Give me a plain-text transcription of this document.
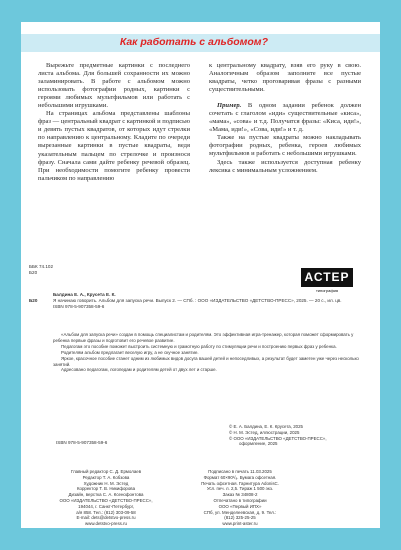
Как работать с альбомом?

Вырежьте предметные картинки с последнего листа альбома. Для большей сохранности их можно заламинировать. В работе с альбомом можно использовать фотографии родных, картинки с героями любимых мультфильмов или работать с небольшими игрушками.

На страницах альбома представлены шаблоны фраз — центральный квадрат с картинкой и подписью и девять пустых квадратов, от которых идут стрелки по направлению к центральному. Кладите по очереди вырезанные картинки в пустые квадраты, ведя указательным пальцем по стрелочке и произнося фразу. Сначала сами дайте ребенку речевой образец. При необходимости помогите ребенку провести пальчиком по направлению

к центральному квадрату, взяв его руку в свою. Аналогичным образом заполните все пустые квадраты, четко проговаривая фразы с разными существительными.

Пример. В одном задании ребенок должен сочетать с глаголом «иди» существительные «киса», «мама», «сова» и т.д. Получатся фразы: «Киса, иди!», «Мама, иди!», «Сова, иди!» и т. д.

Также на пустые квадраты можно накладывать фотографии родных, ребенка, героев любимых мультфильмов и работать с небольшими игрушками.

Здесь также используется доступная ребенку лексика с минимальным усложнением.

ББК 74.102
Б20
Балдина Е. А., Крусета Е. К.
Б20	Я начинаю говорить. Альбом для запуска речи. Выпуск 2. — СПб. : ООО «ИЗДАТЕЛЬСТВО «ДЕТСТВО-ПРЕСС», 2025. — 20 с., ил. цв.
ISBN 978-5-907358-59-6

«Альбом для запуска речи» создан в помощь специалистам и родителям. Это эффективная игра-тренажер, которая поможет сформировать у ребенка первые фразы и подготовит его речевое развитие.

Педагогам это пособие поможет выстроить системную и грамотную работу по стимуляции речи и построению первых фраз у ребенка.

Родителям альбом предлагает веселую игру, а не скучное занятие.

Яркое, красочное пособие станет одним из любимых видов досуга вашей детей и непоседливых, а результат будет заметен уже через несколько занятий.

Адресовано педагогам, логопедам и родителям детей от двух лет и старше.

ISBN 978-5-907358-59-6
© Е. А. Балдина, Е. К. Крусета, 2025
© Н. М. Эстед, иллюстрации, 2025
© ООО «ИЗДАТЕЛЬСТВО «ДЕТСТВО-ПРЕСС»,
оформление, 2025
Главный редактор С. Д. Ермолаев
Редактор Т. А. Кобзова
Художник Н. М. Эстед
Корректор Т. В. Никифорова
Дизайн, верстка С. А. Ксенофонтова
ООО «ИЗДАТЕЛЬСТВО «ДЕТСТВО-ПРЕСС»,
194044, г. Санкт-Петербург,
а/я 858. Тел.: (812) 303-09-58
E-mail: dets@detstvo-press.ru
www.detstvo-press.ru
Подписано в печать 11.03.2025
Формат 60×90¹/₈. Бумага офсетная.
Печать офсетная. Гарнитура AdonisC.
Усл. печ. л. 2,5. Тираж 1 500 экз.
Заказ № 34808-2
Отпечатано в типографии
ООО «Первый ИПХ»
СПб, ул. Менделеевская, д. 9. Тел.:
(812) 325-25-25
www.print-aster.ru
АСТЕР
типография
